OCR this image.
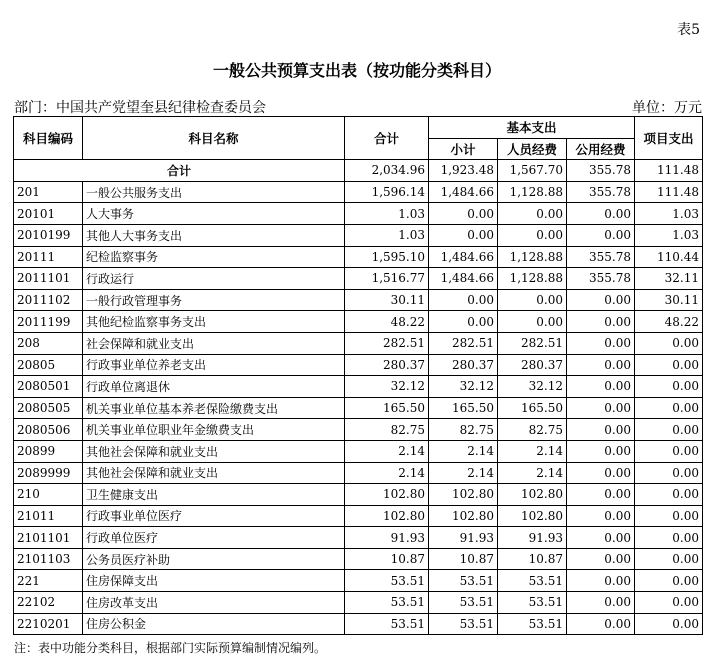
表5
一般公共预算支出表（按功能分类科目）
部门：中国共产党望奎县纪律检查委员会	单位：万元
科目编码	科目名称	合计	基本支出			项目支出
			小计	人员经费	公用经费	
合计		2,034.96	1,923.48	1,567.70	355.78	111.48
201	一般公共服务支出	1,596.14	1,484.66	1,128.88	355.78	111.48
20101	人大事务	1.03	0.00	0.00	0.00	1.03
2010199	其他人大事务支出	1.03	0.00	0.00	0.00	1.03
20111	纪检监察事务	1,595.10	1,484.66	1,128.88	355.78	110.44
2011101	行政运行	1,516.77	1,484.66	1,128.88	355.78	32.11
2011102	一般行政管理事务	30.11	0.00	0.00	0.00	30.11
2011199	其他纪检监察事务支出	48.22	0.00	0.00	0.00	48.22
208	社会保障和就业支出	282.51	282.51	282.51	0.00	0.00
20805	行政事业单位养老支出	280.37	280.37	280.37	0.00	0.00
2080501	行政单位离退休	32.12	32.12	32.12	0.00	0.00
2080505	机关事业单位基本养老保险缴费支出	165.50	165.50	165.50	0.00	0.00
2080506	机关事业单位职业年金缴费支出	82.75	82.75	82.75	0.00	0.00
20899	其他社会保障和就业支出	2.14	2.14	2.14	0.00	0.00
2089999	其他社会保障和就业支出	2.14	2.14	2.14	0.00	0.00
210	卫生健康支出	102.80	102.80	102.80	0.00	0.00
21011	行政事业单位医疗	102.80	102.80	102.80	0.00	0.00
2101101	行政单位医疗	91.93	91.93	91.93	0.00	0.00
2101103	公务员医疗补助	10.87	10.87	10.87	0.00	0.00
221	住房保障支出	53.51	53.51	53.51	0.00	0.00
22102	住房改革支出	53.51	53.51	53.51	0.00	0.00
2210201	住房公积金	53.51	53.51	53.51	0.00	0.00
注：表中功能分类科目，根据部门实际预算编制情况编列。
